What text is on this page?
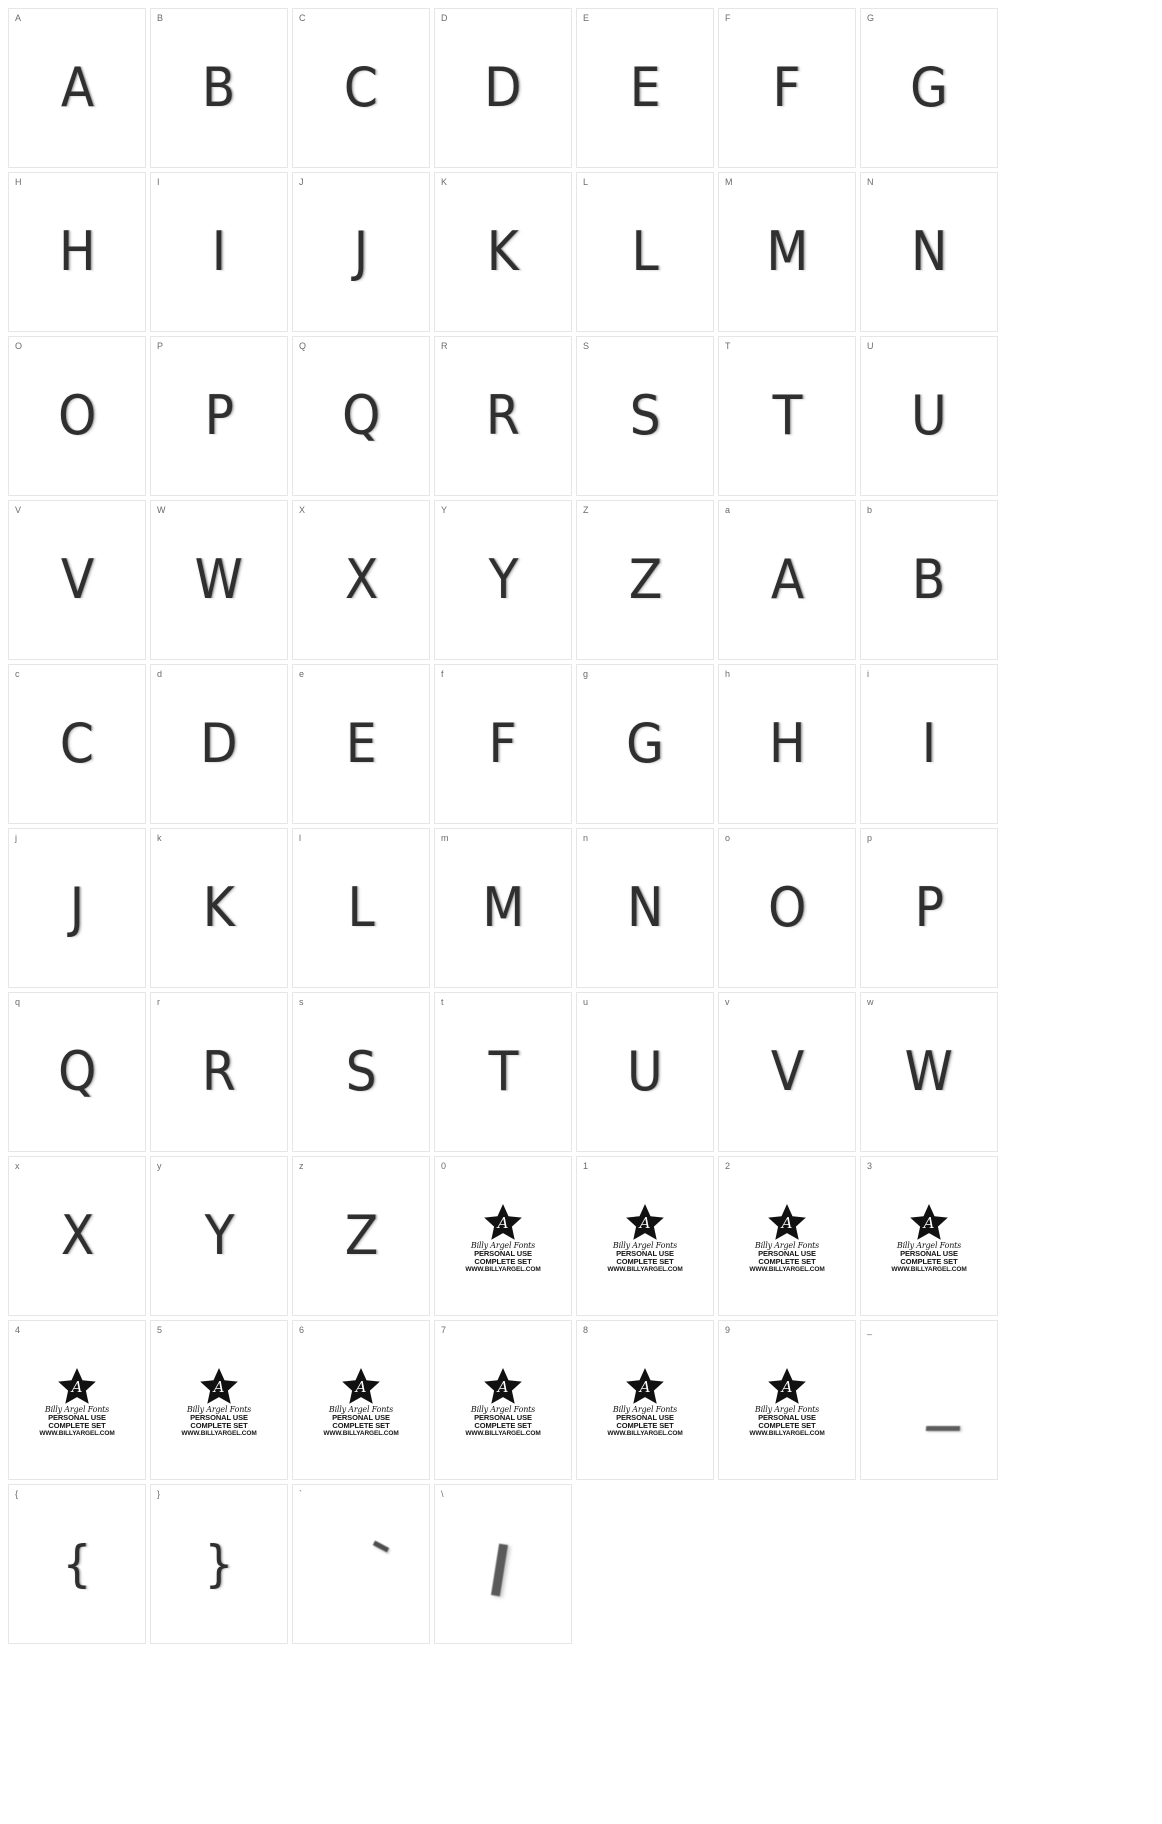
A
A
B
B
C
C
D
D
E
E
F
F
G
G
H
H
I
I
J
J
K
K
L
L
M
M
N
N
O
O
P
P
Q
Q
R
R
S
S
T
T
U
U
V
V
W
W
X
X
Y
Y
Z
Z
a
A
b
B
c
C
d
D
e
E
f
F
g
G
h
H
i
I
j
J
k
K
l
L
m
M
n
N
o
O
p
P
q
Q
r
R
s
S
t
T
u
U
v
V
w
W
x
X
y
Y
z
Z
0
A
Billy Argel Fonts
PERSONAL USE
COMPLETE SET
WWW.BILLYARGEL.COM
1
A
Billy Argel Fonts
PERSONAL USE
COMPLETE SET
WWW.BILLYARGEL.COM
2
A
Billy Argel Fonts
PERSONAL USE
COMPLETE SET
WWW.BILLYARGEL.COM
3
A
Billy Argel Fonts
PERSONAL USE
COMPLETE SET
WWW.BILLYARGEL.COM
4
A
Billy Argel Fonts
PERSONAL USE
COMPLETE SET
WWW.BILLYARGEL.COM
5
A
Billy Argel Fonts
PERSONAL USE
COMPLETE SET
WWW.BILLYARGEL.COM
6
A
Billy Argel Fonts
PERSONAL USE
COMPLETE SET
WWW.BILLYARGEL.COM
7
A
Billy Argel Fonts
PERSONAL USE
COMPLETE SET
WWW.BILLYARGEL.COM
8
A
Billy Argel Fonts
PERSONAL USE
COMPLETE SET
WWW.BILLYARGEL.COM
9
A
Billy Argel Fonts
PERSONAL USE
COMPLETE SET
WWW.BILLYARGEL.COM
_
{
{
}
}
`	\
